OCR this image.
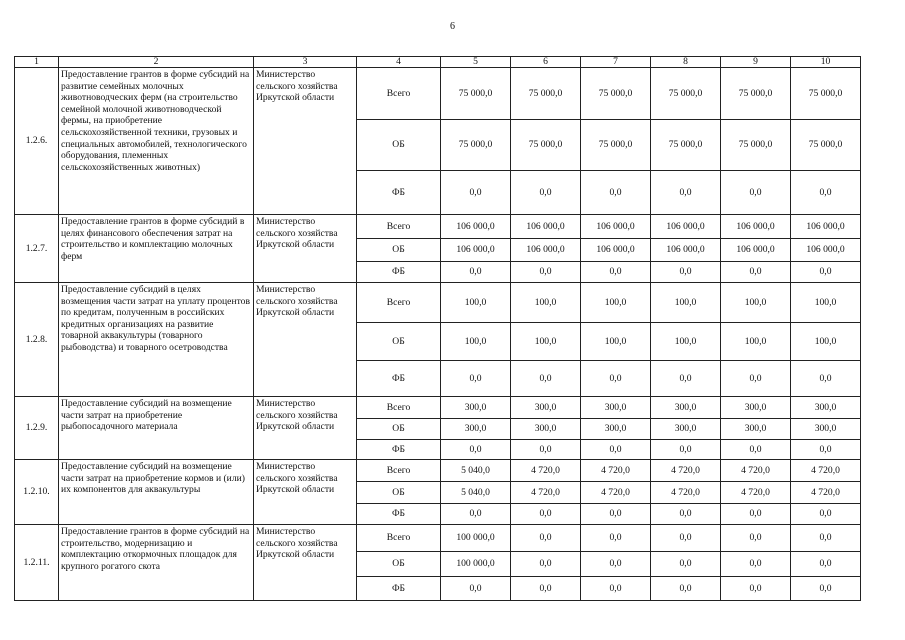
6
1	2	3	4	5	6	7	8	9	10
1.2.6.	Предоставление грантов в форме субсидий на развитие семейных молочных животноводческих ферм (на строительство семейной молочной животноводческой фермы, на приобретение сельскохозяйственной техники, грузовых и специальных автомобилей, технологического оборудования, племенных сельскохозяйственных животных)	Министерство сельского хозяйства Иркутской области	Всего	75 000,0	75 000,0	75 000,0	75 000,0	75 000,0	75 000,0
			ОБ	75 000,0	75 000,0	75 000,0	75 000,0	75 000,0	75 000,0
			ФБ	0,0	0,0	0,0	0,0	0,0	0,0
1.2.7.	Предоставление грантов в форме субсидий в целях финансового обеспечения затрат на строительство и комплектацию молочных ферм	Министерство сельского хозяйства Иркутской области	Всего	106 000,0	106 000,0	106 000,0	106 000,0	106 000,0	106 000,0
			ОБ	106 000,0	106 000,0	106 000,0	106 000,0	106 000,0	106 000,0
			ФБ	0,0	0,0	0,0	0,0	0,0	0,0
1.2.8.	Предоставление субсидий в целях возмещения части затрат на уплату процентов по кредитам, полученным в российских кредитных организациях на развитие товарной аквакультуры (товарного рыбоводства) и товарного осетроводства	Министерство сельского хозяйства Иркутской области	Всего	100,0	100,0	100,0	100,0	100,0	100,0
			ОБ	100,0	100,0	100,0	100,0	100,0	100,0
			ФБ	0,0	0,0	0,0	0,0	0,0	0,0
1.2.9.	Предоставление субсидий на возмещение части затрат на приобретение рыбопосадочного материала	Министерство сельского хозяйства Иркутской области	Всего	300,0	300,0	300,0	300,0	300,0	300,0
			ОБ	300,0	300,0	300,0	300,0	300,0	300,0
			ФБ	0,0	0,0	0,0	0,0	0,0	0,0
1.2.10.	Предоставление субсидий на возмещение части затрат на приобретение кормов и (или) их компонентов для аквакультуры	Министерство сельского хозяйства Иркутской области	Всего	5 040,0	4 720,0	4 720,0	4 720,0	4 720,0	4 720,0
			ОБ	5 040,0	4 720,0	4 720,0	4 720,0	4 720,0	4 720,0
			ФБ	0,0	0,0	0,0	0,0	0,0	0,0
1.2.11.	Предоставление грантов в форме субсидий на строительство, модернизацию и комплектацию откормочных площадок для крупного рогатого скота	Министерство сельского хозяйства Иркутской области	Всего	100 000,0	0,0	0,0	0,0	0,0	0,0
			ОБ	100 000,0	0,0	0,0	0,0	0,0	0,0
			ФБ	0,0	0,0	0,0	0,0	0,0	0,0
